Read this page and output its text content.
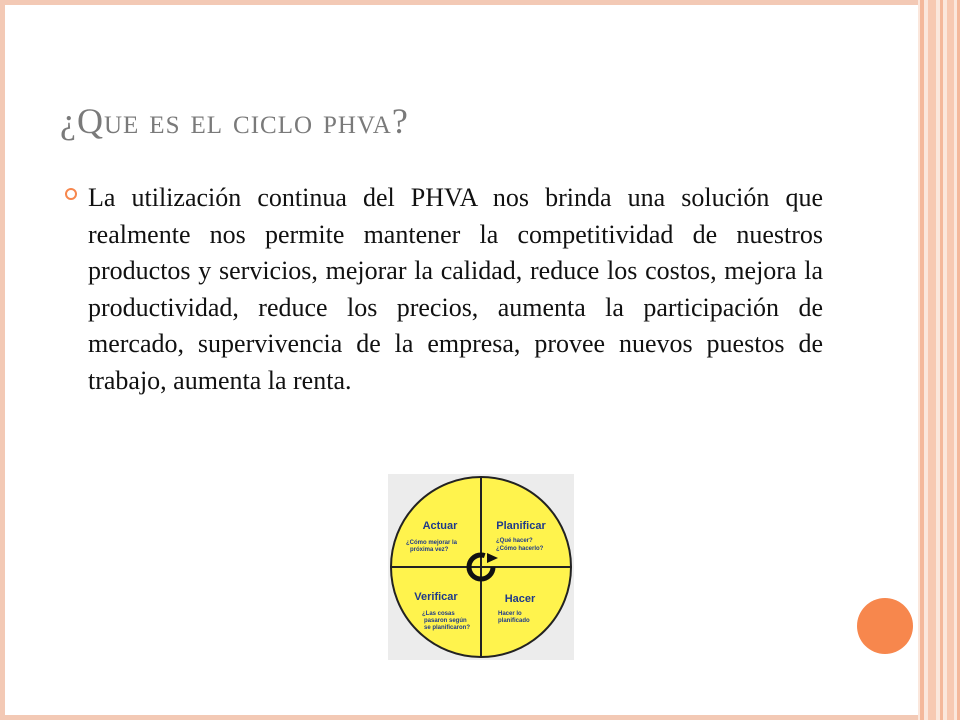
¿Que es el ciclo phva?
La utilización continua del PHVA nos brinda una solución que realmente nos permite mantener la competitividad de nuestros productos y servicios, mejorar la calidad, reduce los costos, mejora la productividad, reduce los precios, aumenta la participación de mercado, supervivencia de la empresa, provee nuevos puestos de trabajo, aumenta la renta.
Actuar
¿Cómo mejorar la
próxima vez?
Planificar
¿Qué hacer?
¿Cómo hacerlo?
Verificar
¿Las cosas
pasaron según
se planificaron?
Hacer
Hacer lo
planificado
